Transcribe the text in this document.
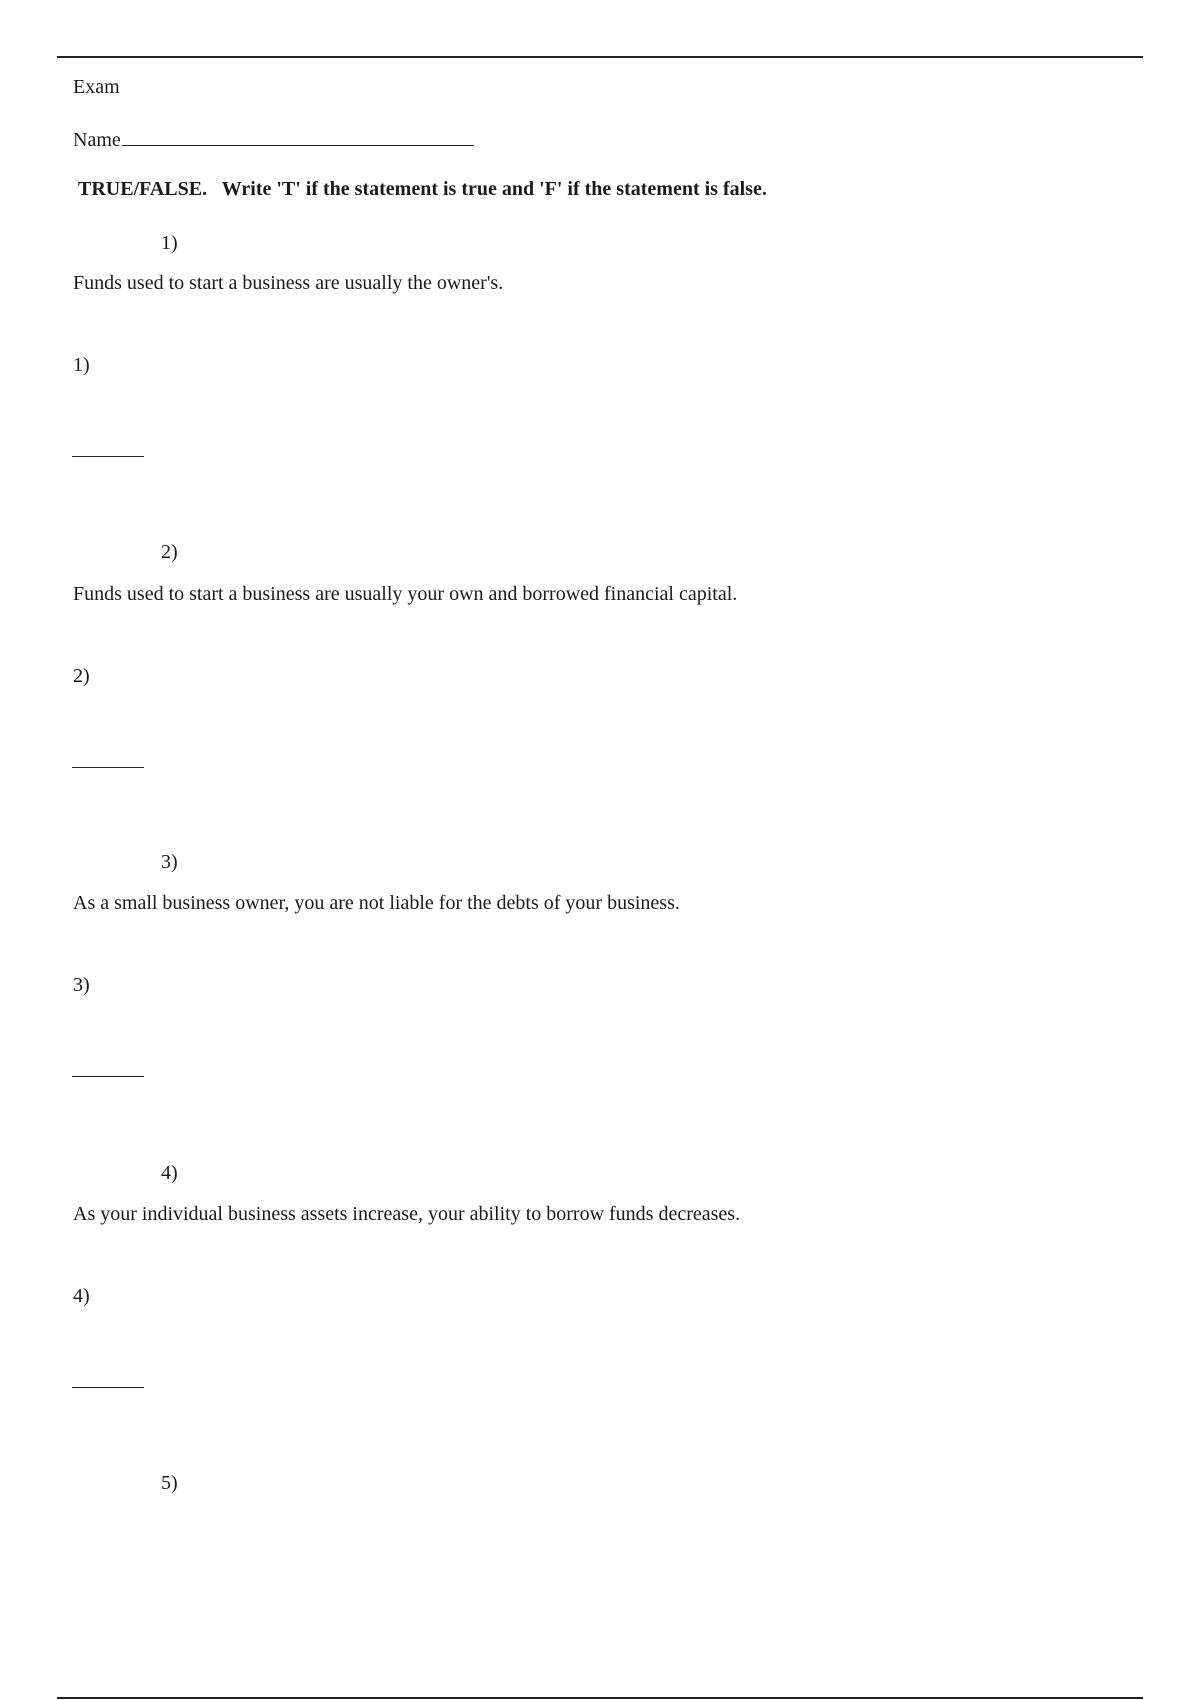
Exam

Name

TRUE/FALSE.   Write 'T' if the statement is true and 'F' if the statement is false.

1)

Funds used to start a business are usually the owner's.

1)

2)

Funds used to start a business are usually your own and borrowed financial capital.

2)

3)

As a small business owner, you are not liable for the debts of your business.

3)

4)

As your individual business assets increase, your ability to borrow funds decreases.

4)

5)
